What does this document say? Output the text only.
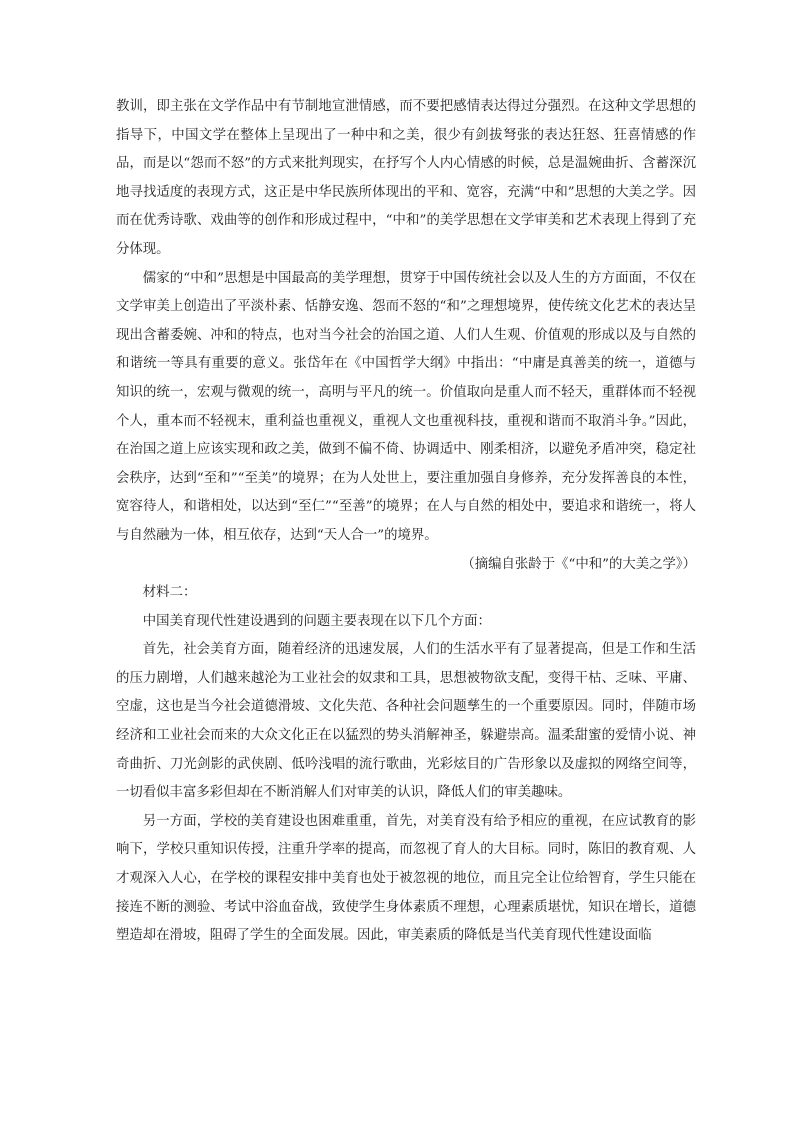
教训，即主张在文学作品中有节制地宣泄情感，而不要把感情表达得过分强烈。在这种文学思想的指导下，中国文学在整体上呈现出了一种中和之美，很少有剑拔弩张的表达狂怒、狂喜情感的作品，而是以“怨而不怒”的方式来批判现实，在抒写个人内心情感的时候，总是温婉曲折、含蓄深沉地寻找适度的表现方式，这正是中华民族所体现出的平和、宽容，充满“中和”思想的大美之学。因而在优秀诗歌、戏曲等的创作和形成过程中，“中和”的美学思想在文学审美和艺术表现上得到了充分体现。

儒家的“中和”思想是中国最高的美学理想，贯穿于中国传统社会以及人生的方方面面，不仅在文学审美上创造出了平淡朴素、恬静安逸、怨而不怒的“和”之理想境界，使传统文化艺术的表达呈现出含蓄委婉、冲和的特点，也对当今社会的治国之道、人们人生观、价值观的形成以及与自然的和谐统一等具有重要的意义。张岱年在《中国哲学大纲》中指出：“中庸是真善美的统一，道德与知识的统一，宏观与微观的统一，高明与平凡的统一。价值取向是重人而不轻天，重群体而不轻视个人，重本而不轻视末，重利益也重视义，重视人文也重视科技，重视和谐而不取消斗争。”因此，在治国之道上应该实现和政之美，做到不偏不倚、协调适中、刚柔相济，以避免矛盾冲突，稳定社会秩序，达到“至和”“至美”的境界；在为人处世上，要注重加强自身修养，充分发挥善良的本性，宽容待人，和谐相处，以达到“至仁”“至善”的境界；在人与自然的相处中，要追求和谐统一，将人与自然融为一体，相互依存，达到“天人合一”的境界。

（摘编自张龄于《“中和”的大美之学》）

材料二：

中国美育现代性建设遇到的问题主要表现在以下几个方面：

首先，社会美育方面，随着经济的迅速发展，人们的生活水平有了显著提高，但是工作和生活的压力剧增，人们越来越沦为工业社会的奴隶和工具，思想被物欲支配，变得干枯、乏味、平庸、空虚，这也是当今社会道德滑坡、文化失范、各种社会问题孳生的一个重要原因。同时，伴随市场经济和工业社会而来的大众文化正在以猛烈的势头消解神圣，躲避崇高。温柔甜蜜的爱情小说、神奇曲折、刀光剑影的武侠剧、低吟浅唱的流行歌曲，光彩炫目的广告形象以及虚拟的网络空间等，一切看似丰富多彩但却在不断消解人们对审美的认识，降低人们的审美趣味。

另一方面，学校的美育建设也困难重重，首先，对美育没有给予相应的重视，在应试教育的影响下，学校只重知识传授，注重升学率的提高，而忽视了育人的大目标。同时，陈旧的教育观、人才观深入人心，在学校的课程安排中美育也处于被忽视的地位，而且完全让位给智育，学生只能在接连不断的测验、考试中浴血奋战，致使学生身体素质不理想，心理素质堪忧，知识在增长，道德塑造却在滑坡，阻碍了学生的全面发展。因此，审美素质的降低是当代美育现代性建设面临
